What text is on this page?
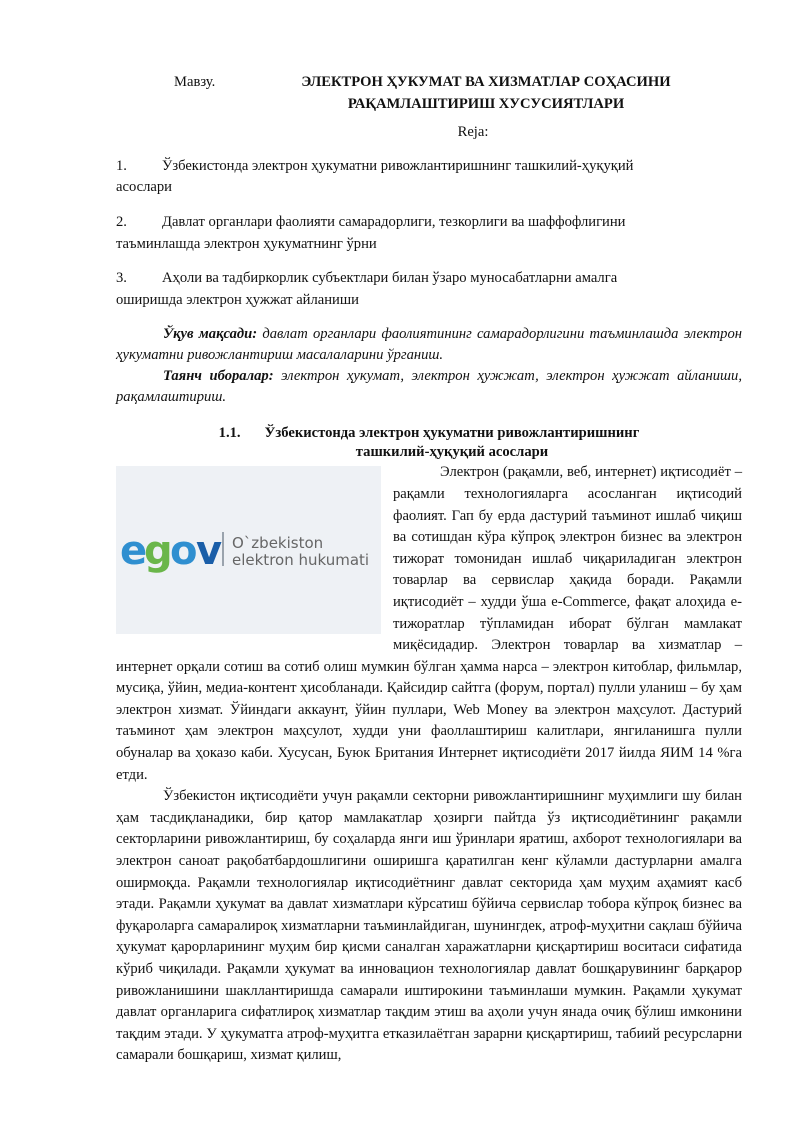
Мавзу.	ЭЛЕКТРОН ҲУКУМАТ ВА ХИЗМАТЛАР СОҲАСИНИ
РАҚАМЛАШТИРИШ ХУСУСИЯТЛАРИ
Reja:
1.	Ўзбекистонда электрон ҳукуматни ривожлантиришнинг ташкилий-ҳуқуқий
асослари
2.	Давлат органлари фаолияти самарадорлиги, тезкорлиги ва шаффофлигини
таъминлашда электрон ҳукуматнинг ўрни
3.	Аҳоли ва тадбиркорлик субъектлари билан ўзаро муносабатларни амалга
оширишда электрон ҳужжат айланиши

Ўқув мақсади: давлат органлари фаолиятининг самарадорлигини таъминлашда электрон ҳукуматни ривожлантириш масалаларини ўрганиш.

Таянч иборалар: электрон ҳукумат, электрон ҳужжат, электрон ҳужжат айланиши, рақамлаштириш.

1.1. Ўзбекистонда электрон ҳукуматни ривожлантиришнинг
ташкилий-ҳуқуқий асослари
e
g
o
v O`zbekiston
elektron hukumati

Электрон (рақамли, веб, интернет) иқтисодиёт – рақамли технологияларга асосланган иқтисодий фаолият. Гап бу ерда дастурий таъминот ишлаб чиқиш ва сотишдан кўра кўпроқ электрон бизнес ва электрон тижорат томонидан ишлаб чиқариладиган электрон товарлар ва сервислар ҳақида боради. Рақамли иқтисодиёт – худди ўша e-Commerce, фақат алоҳида e-тижоратлар тўпламидан иборат бўлган мамлакат миқёсидадир. Электрон товарлар ва хизматлар – интернет орқали сотиш ва сотиб олиш мумкин бўлган ҳамма нарса – электрон китоблар, фильмлар, мусиқа, ўйин, медиа-контент ҳисобланади. Қайсидир сайтга (форум, портал) пулли уланиш – бу ҳам электрон хизмат. Ўйиндаги аккаунт, ўйин пуллари, Web Money ва электрон маҳсулот. Дастурий таъминот ҳам электрон маҳсулот, худди уни фаоллаштириш калитлари, янгиланишга пулли обуналар ва ҳоказо каби. Хусусан, Буюк Британия Интернет иқтисодиёти 2017 йилда ЯИМ 14 %га етди.

Ўзбекистон иқтисодиёти учун рақамли секторни ривожлантиришнинг муҳимлиги шу билан ҳам тасдиқланадики, бир қатор мамлакатлар ҳозирги пайтда ўз иқтисодиётининг рақамли секторларини ривожлантириш, бу соҳаларда янги иш ўринлари яратиш, ахборот технологиялари ва электрон саноат рақобатбардошлигини оширишга қаратилган кенг кўламли дастурларни амалга оширмоқда. Рақамли технологиялар иқтисодиётнинг давлат секторида ҳам муҳим аҳамият касб этади. Рақамли ҳукумат ва давлат хизматлари кўрсатиш бўйича сервислар тобора кўпроқ бизнес ва фуқароларга самаралироқ хизматларни таъминлайдиган, шунингдек, атроф-муҳитни сақлаш бўйича ҳукумат қарорларининг муҳим бир қисми саналган харажатларни қисқартириш воситаси сифатида кўриб чиқилади. Рақамли ҳукумат ва инновацион технологиялар давлат бошқарувининг барқарор ривожланишини шакллантиришда самарали иштирокини таъминлаши мумкин. Рақамли ҳукумат давлат органларига сифатлироқ хизматлар тақдим этиш ва аҳоли учун янада очиқ бўлиш имконини тақдим этади. У ҳукуматга атроф-муҳитга етказилаётган зарарни қисқартириш, табиий ресурсларни самарали бошқариш, хизмат қилиш,
